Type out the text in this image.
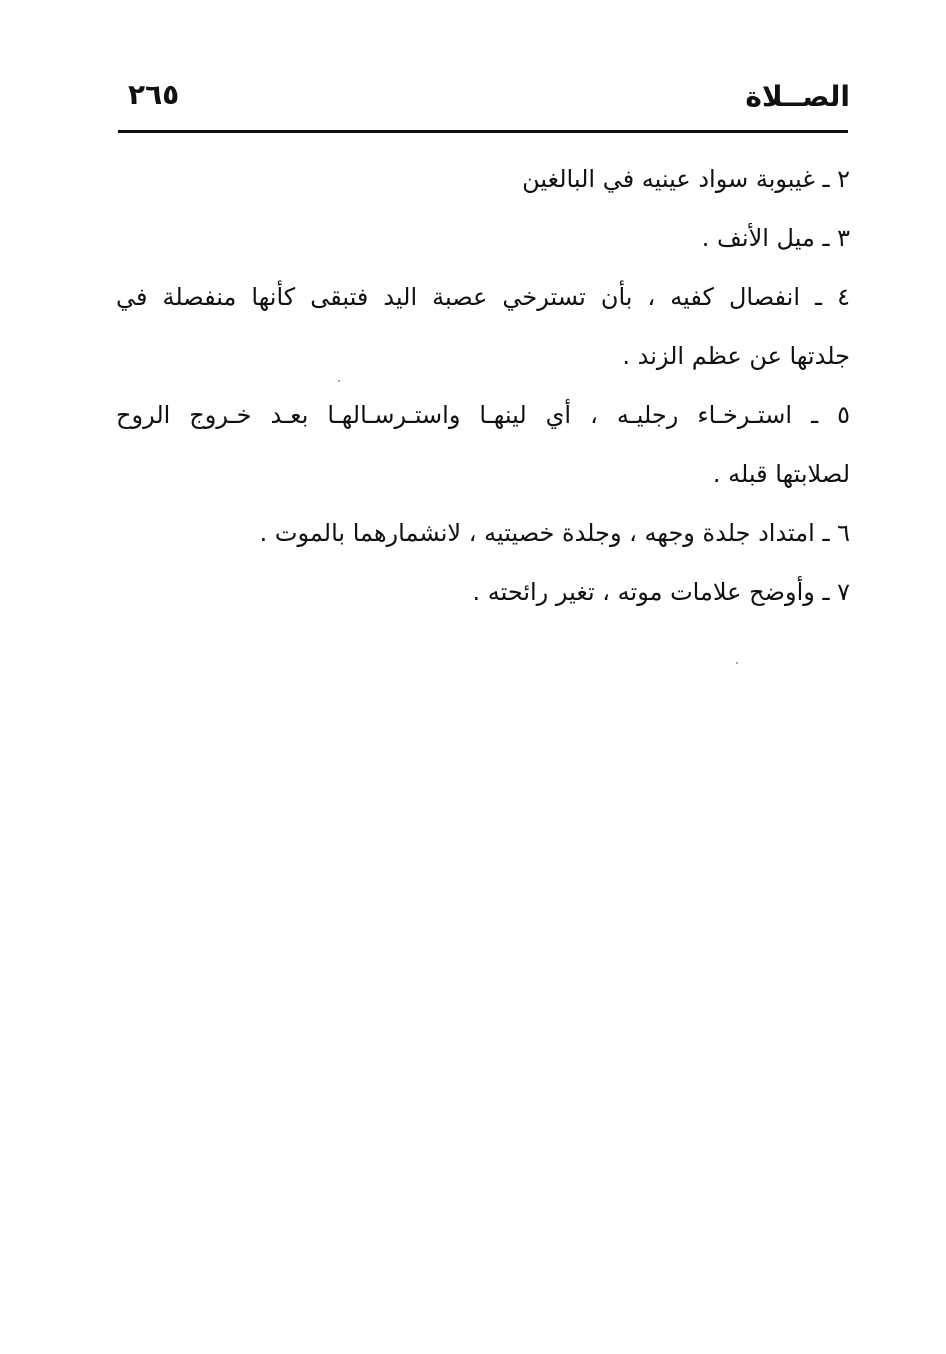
الصــلاة
٢٦٥
٢ ـ غيبوبة سواد عينيه في البالغين
٣ ـ ميل الأنف .
٤ ـ انفصال كفيه ، بأن تسترخي عصبة اليد فتبقى كأنها منفصلة في
جلدتها عن عظم الزند .
٥ ـ استـرخـاء رجليـه ، أي لينهـا واستـرسـالهـا بعـد خـروج الروح
لصلابتها قبله .
٦ ـ امتداد جلدة وجهه ، وجلدة خصيتيه ، لانشمارهما بالموت .
٧ ـ وأوضح علامات موته ، تغير رائحته .
